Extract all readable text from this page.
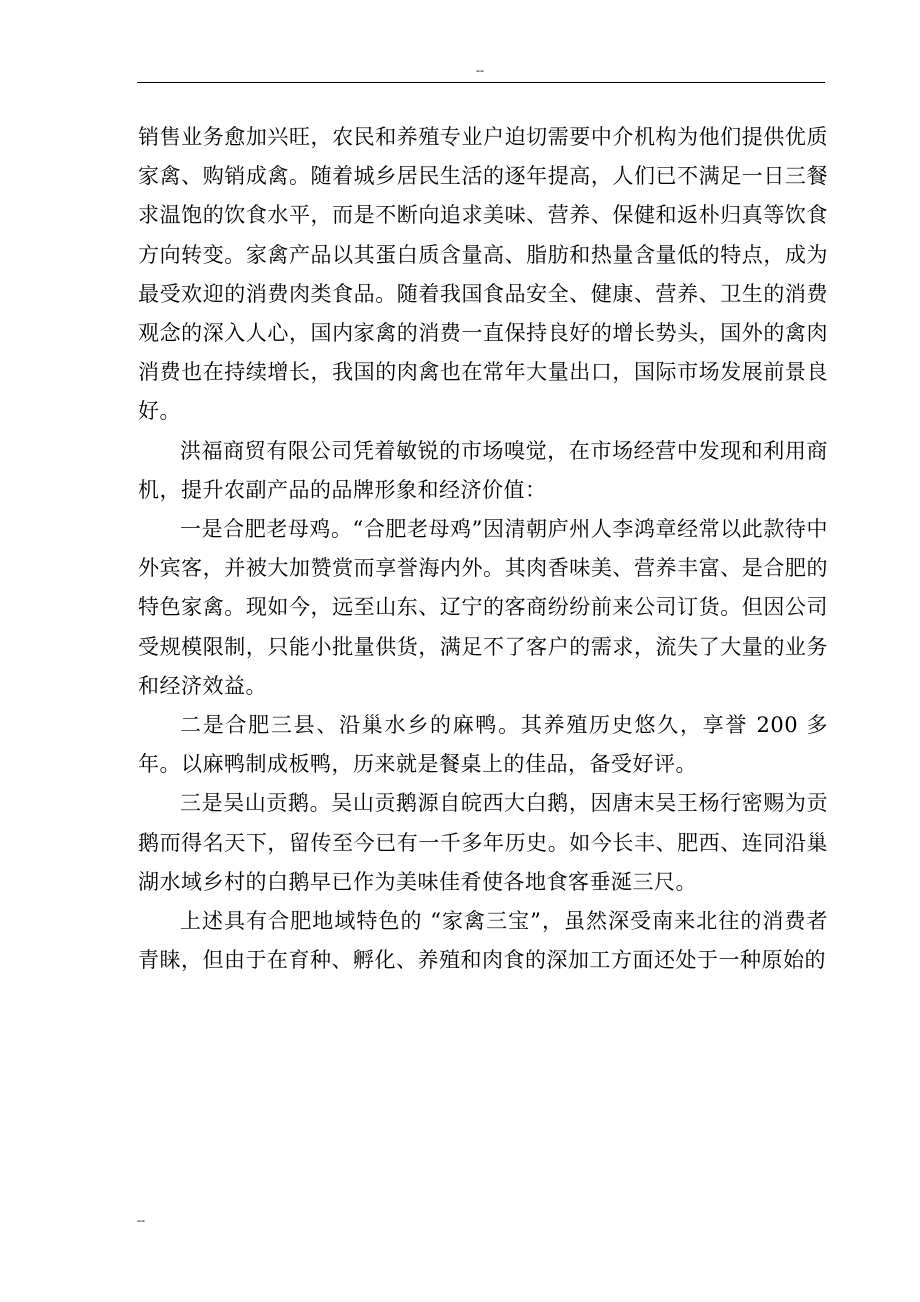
--

销售业务愈加兴旺，农民和养殖专业户迫切需要中介机构为他们提供优质家禽、购销成禽。随着城乡居民生活的逐年提高，人们已不满足一日三餐求温饱的饮食水平，而是不断向追求美味、营养、保健和返朴归真等饮食方向转变。家禽产品以其蛋白质含量高、脂肪和热量含量低的特点，成为最受欢迎的消费肉类食品。随着我国食品安全、健康、营养、卫生的消费观念的深入人心，国内家禽的消费一直保持良好的增长势头，国外的禽肉消费也在持续增长，我国的肉禽也在常年大量出口，国际市场发展前景良好。

洪福商贸有限公司凭着敏锐的市场嗅觉，在市场经营中发现和利用商机，提升农副产品的品牌形象和经济价值：

一是合肥老母鸡。“合肥老母鸡”因清朝庐州人李鸿章经常以此款待中外宾客，并被大加赞赏而享誉海内外。其肉香味美、营养丰富、是合肥的特色家禽。现如今，远至山东、辽宁的客商纷纷前来公司订货。但因公司受规模限制，只能小批量供货，满足不了客户的需求，流失了大量的业务和经济效益。

二是合肥三县、沿巢水乡的麻鸭。其养殖历史悠久，享誉 200 多年。以麻鸭制成板鸭，历来就是餐桌上的佳品，备受好评。

三是吴山贡鹅。吴山贡鹅源自皖西大白鹅，因唐末吴王杨行密赐为贡鹅而得名天下，留传至今已有一千多年历史。如今长丰、肥西、连同沿巢湖水域乡村的白鹅早已作为美味佳肴使各地食客垂涎三尺。

上述具有合肥地域特色的 “家禽三宝”，虽然深受南来北往的消费者青睐，但由于在育种、孵化、养殖和肉食的深加工方面还处于一种原始的

--
